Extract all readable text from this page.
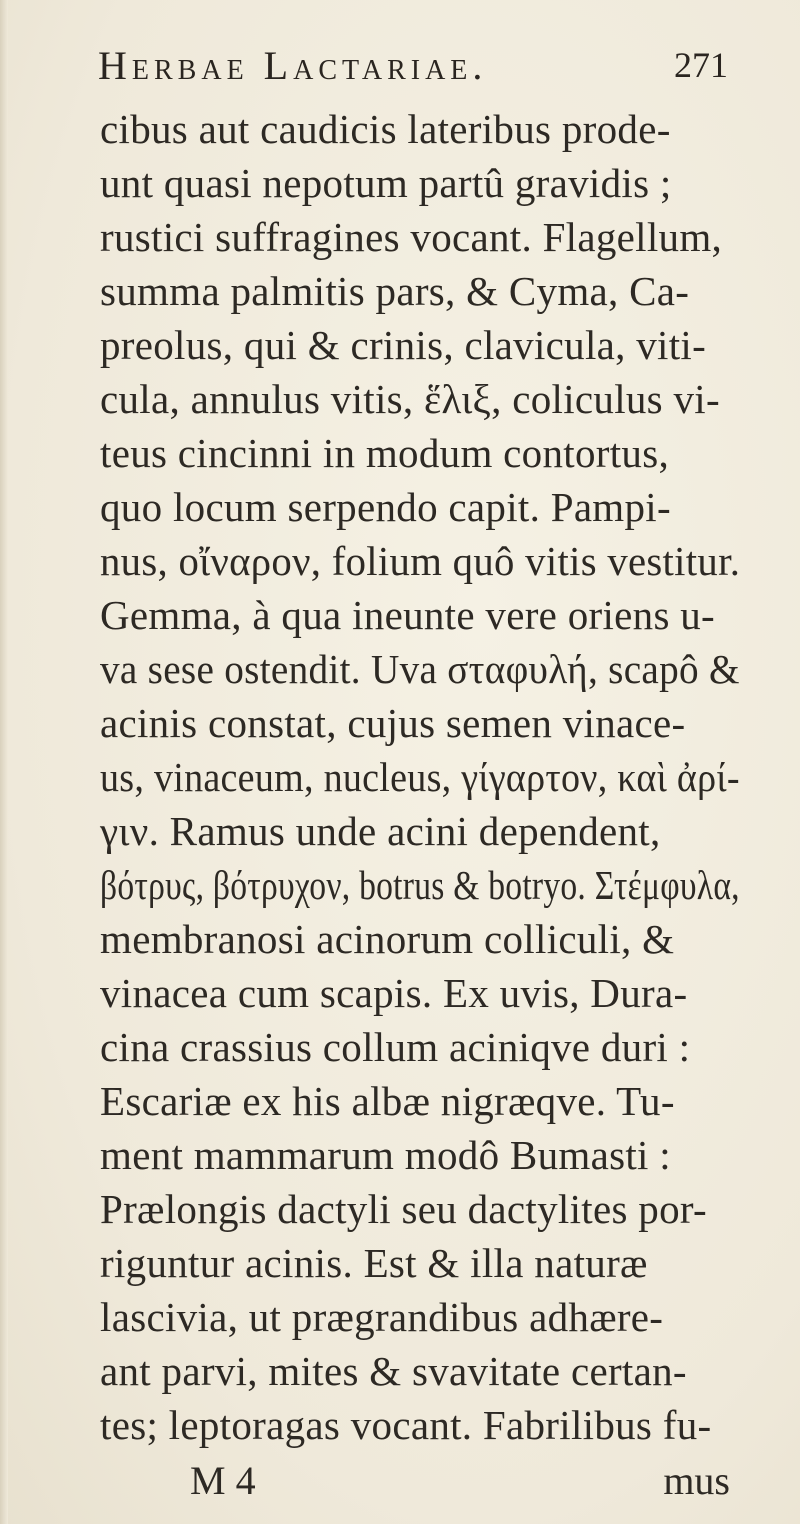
Herbae Lactariae.	271
cibus aut caudicis lateribus prode-
unt quasi nepotum partû gravidis ;
rustici suffragines vocant. Flagellum,
summa palmitis pars, & Cyma, Ca-
preolus, qui & crinis, clavicula, viti-
cula, annulus vitis, ἕλιξ, coliculus vi-
teus cincinni in modum contortus,
quo locum serpendo capit. Pampi-
nus, οἴναρον, folium quô vitis vestitur.
Gemma, à qua ineunte vere oriens u-
va sese ostendit. Uva σταφυλή, scapô &
acinis constat, cujus semen vinace-
us, vinaceum, nucleus, γίγαρτον, καὶ ἀρί-
γιν. Ramus unde acini dependent,
βότρυς, βότρυχον, botrus & botryo. Στέμφυλα,
membranosi acinorum colliculi, &
vinacea cum scapis. Ex uvis, Dura-
cina crassius collum aciniqve duri :
Escariæ ex his albæ nigræqve. Tu-
ment mammarum modô Bumasti :
Prælongis dactyli seu dactylites por-
riguntur acinis. Est & illa naturæ
lascivia, ut prægrandibus adhære-
ant parvi, mites & svavitate certan-
tes; leptoragas vocant. Fabrilibus fu-
M 4	mus
